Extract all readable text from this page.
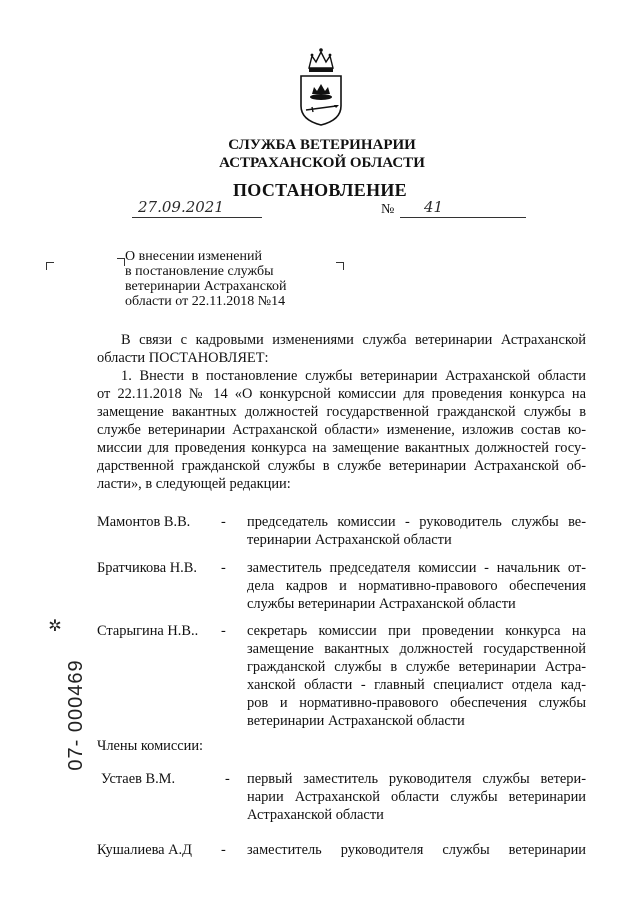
СЛУЖБА ВЕТЕРИНАРИИ
АСТРАХАНСКОЙ ОБЛАСТИ
ПОСТАНОВЛЕНИЕ
27.09.2021	№	41
О внесении изменений
в постановление службы
ветеринарии Астраханской
области от 22.11.2018 №14
В связи с кадровыми изменениями служба ветеринарии Астраханской
области ПОСТАНОВЛЯЕТ:
1. Внести в постановление службы ветеринарии Астраханской области
от 22.11.2018 № 14 «О конкурсной комиссии для проведения конкурса на
замещение вакантных должностей государственной гражданской службы в
службе ветеринарии Астраханской области» изменение, изложив состав ко-
миссии для проведения конкурса на замещение вакантных должностей госу-
дарственной гражданской службы в службе ветеринарии Астраханской об-
ласти», в следующей редакции:
Мамонтов В.В. - председатель комиссии - руководитель службы ве-
теринарии Астраханской области
Братчикова Н.В. - заместитель председателя комиссии - начальник от-
дела кадров и нормативно-правового обеспечения
службы ветеринарии Астраханской области
Старыгина Н.В.. - секретарь комиссии при проведении конкурса на
замещение вакантных должностей государственной
гражданской службы в службе ветеринарии Астра-
ханской области - главный специалист отдела кад-
ров и нормативно-правового обеспечения службы
ветеринарии Астраханской области
Члены комиссии:
Устаев В.М.	- первый заместитель руководителя службы ветери-
нарии Астраханской области службы ветеринарии
Астраханской области
Кушалиева А.Д - заместитель руководителя службы ветеринарии
✲
07- 000469
